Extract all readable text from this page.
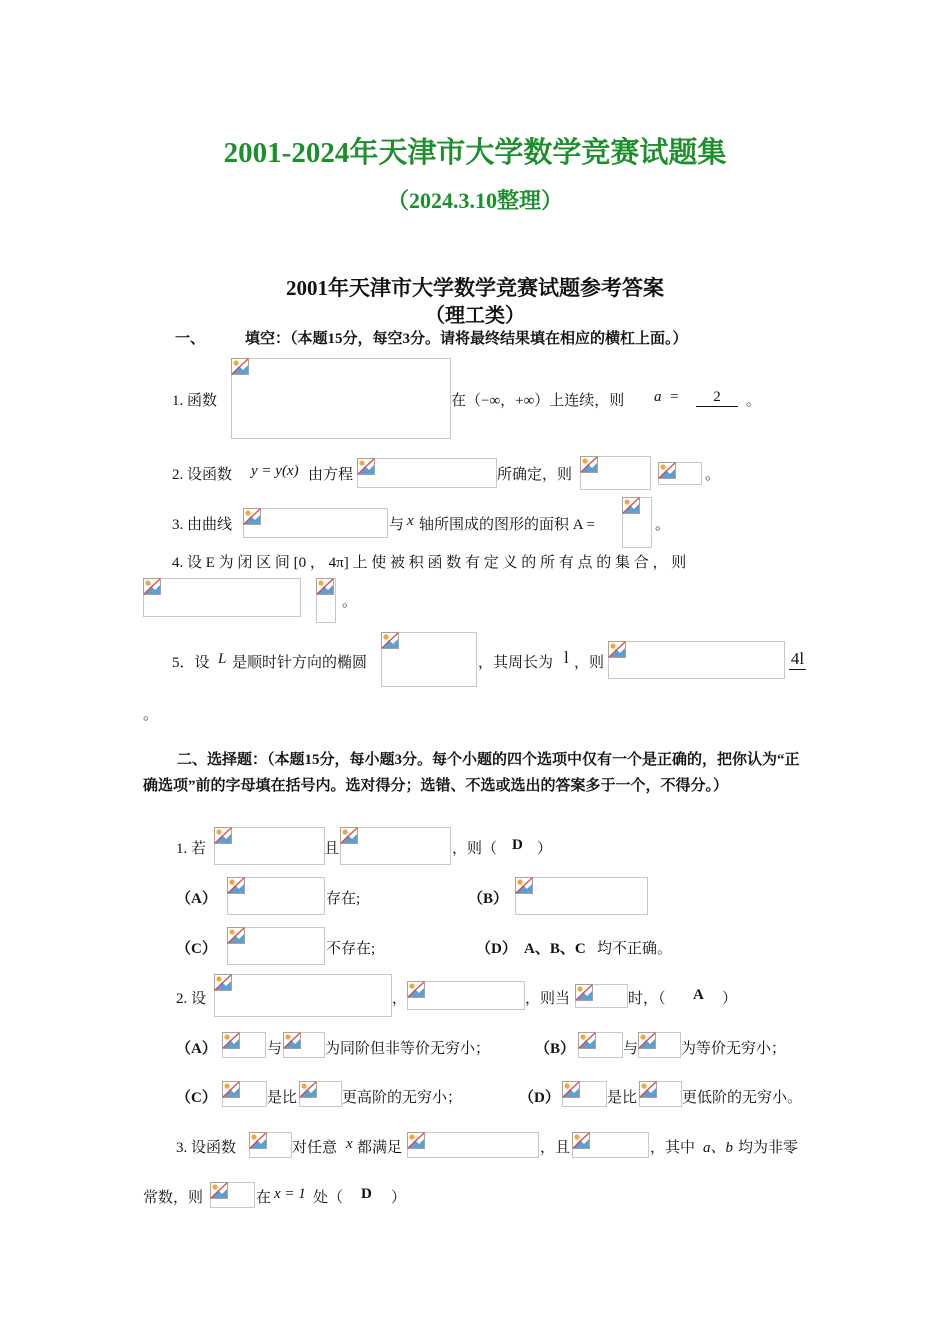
2001-2024年天津市大学数学竞赛试题集
（2024.3.10整理）
2001年天津市大学数学竞赛试题参考答案
（理工类）
一、	填空：（本题15分，每空3分。请将最终结果填在相应的横杠上面。）
1. 函数	在（−∞，+∞）上连续，则 a =	2	。
2. 设函数 y = y(x) 由方程	所确定，则	。
3. 由曲线	与 x 轴所围成的图形的面积 A =	。
4. 设 E 为 闭 区 间 [0 ， 4π] 上 使 被 积 函 数 有 定 义 的 所 有 点 的 集 合 ， 则
。
5．设 L 是顺时针方向的椭圆	，其周长为 l ，则	4l
。
二、选择题：（本题15分，每小题3分。每个小题的四个选项中仅有一个是正确的，把你认为“正确选项”前的字母填在括号内。选对得分；选错、不选或选出的答案多于一个，不得分。）
1. 若	且	，则（ D ）
（A）	存在;	（B）
（C）	不存在;	（D） A、B、C 均不正确。
2. 设	，	，则当	时，（ A ）
（A）	与	为同阶但非等价无穷小；	（B）	与	为等价无穷小；
（C）	是比	更高阶的无穷小；	（D）	是比	更低阶的无穷小。
3. 设函数	对任意 x 都满足	，且	，其中 a、b 均为非零
常数，则	在 x = 1 处（ D ）
